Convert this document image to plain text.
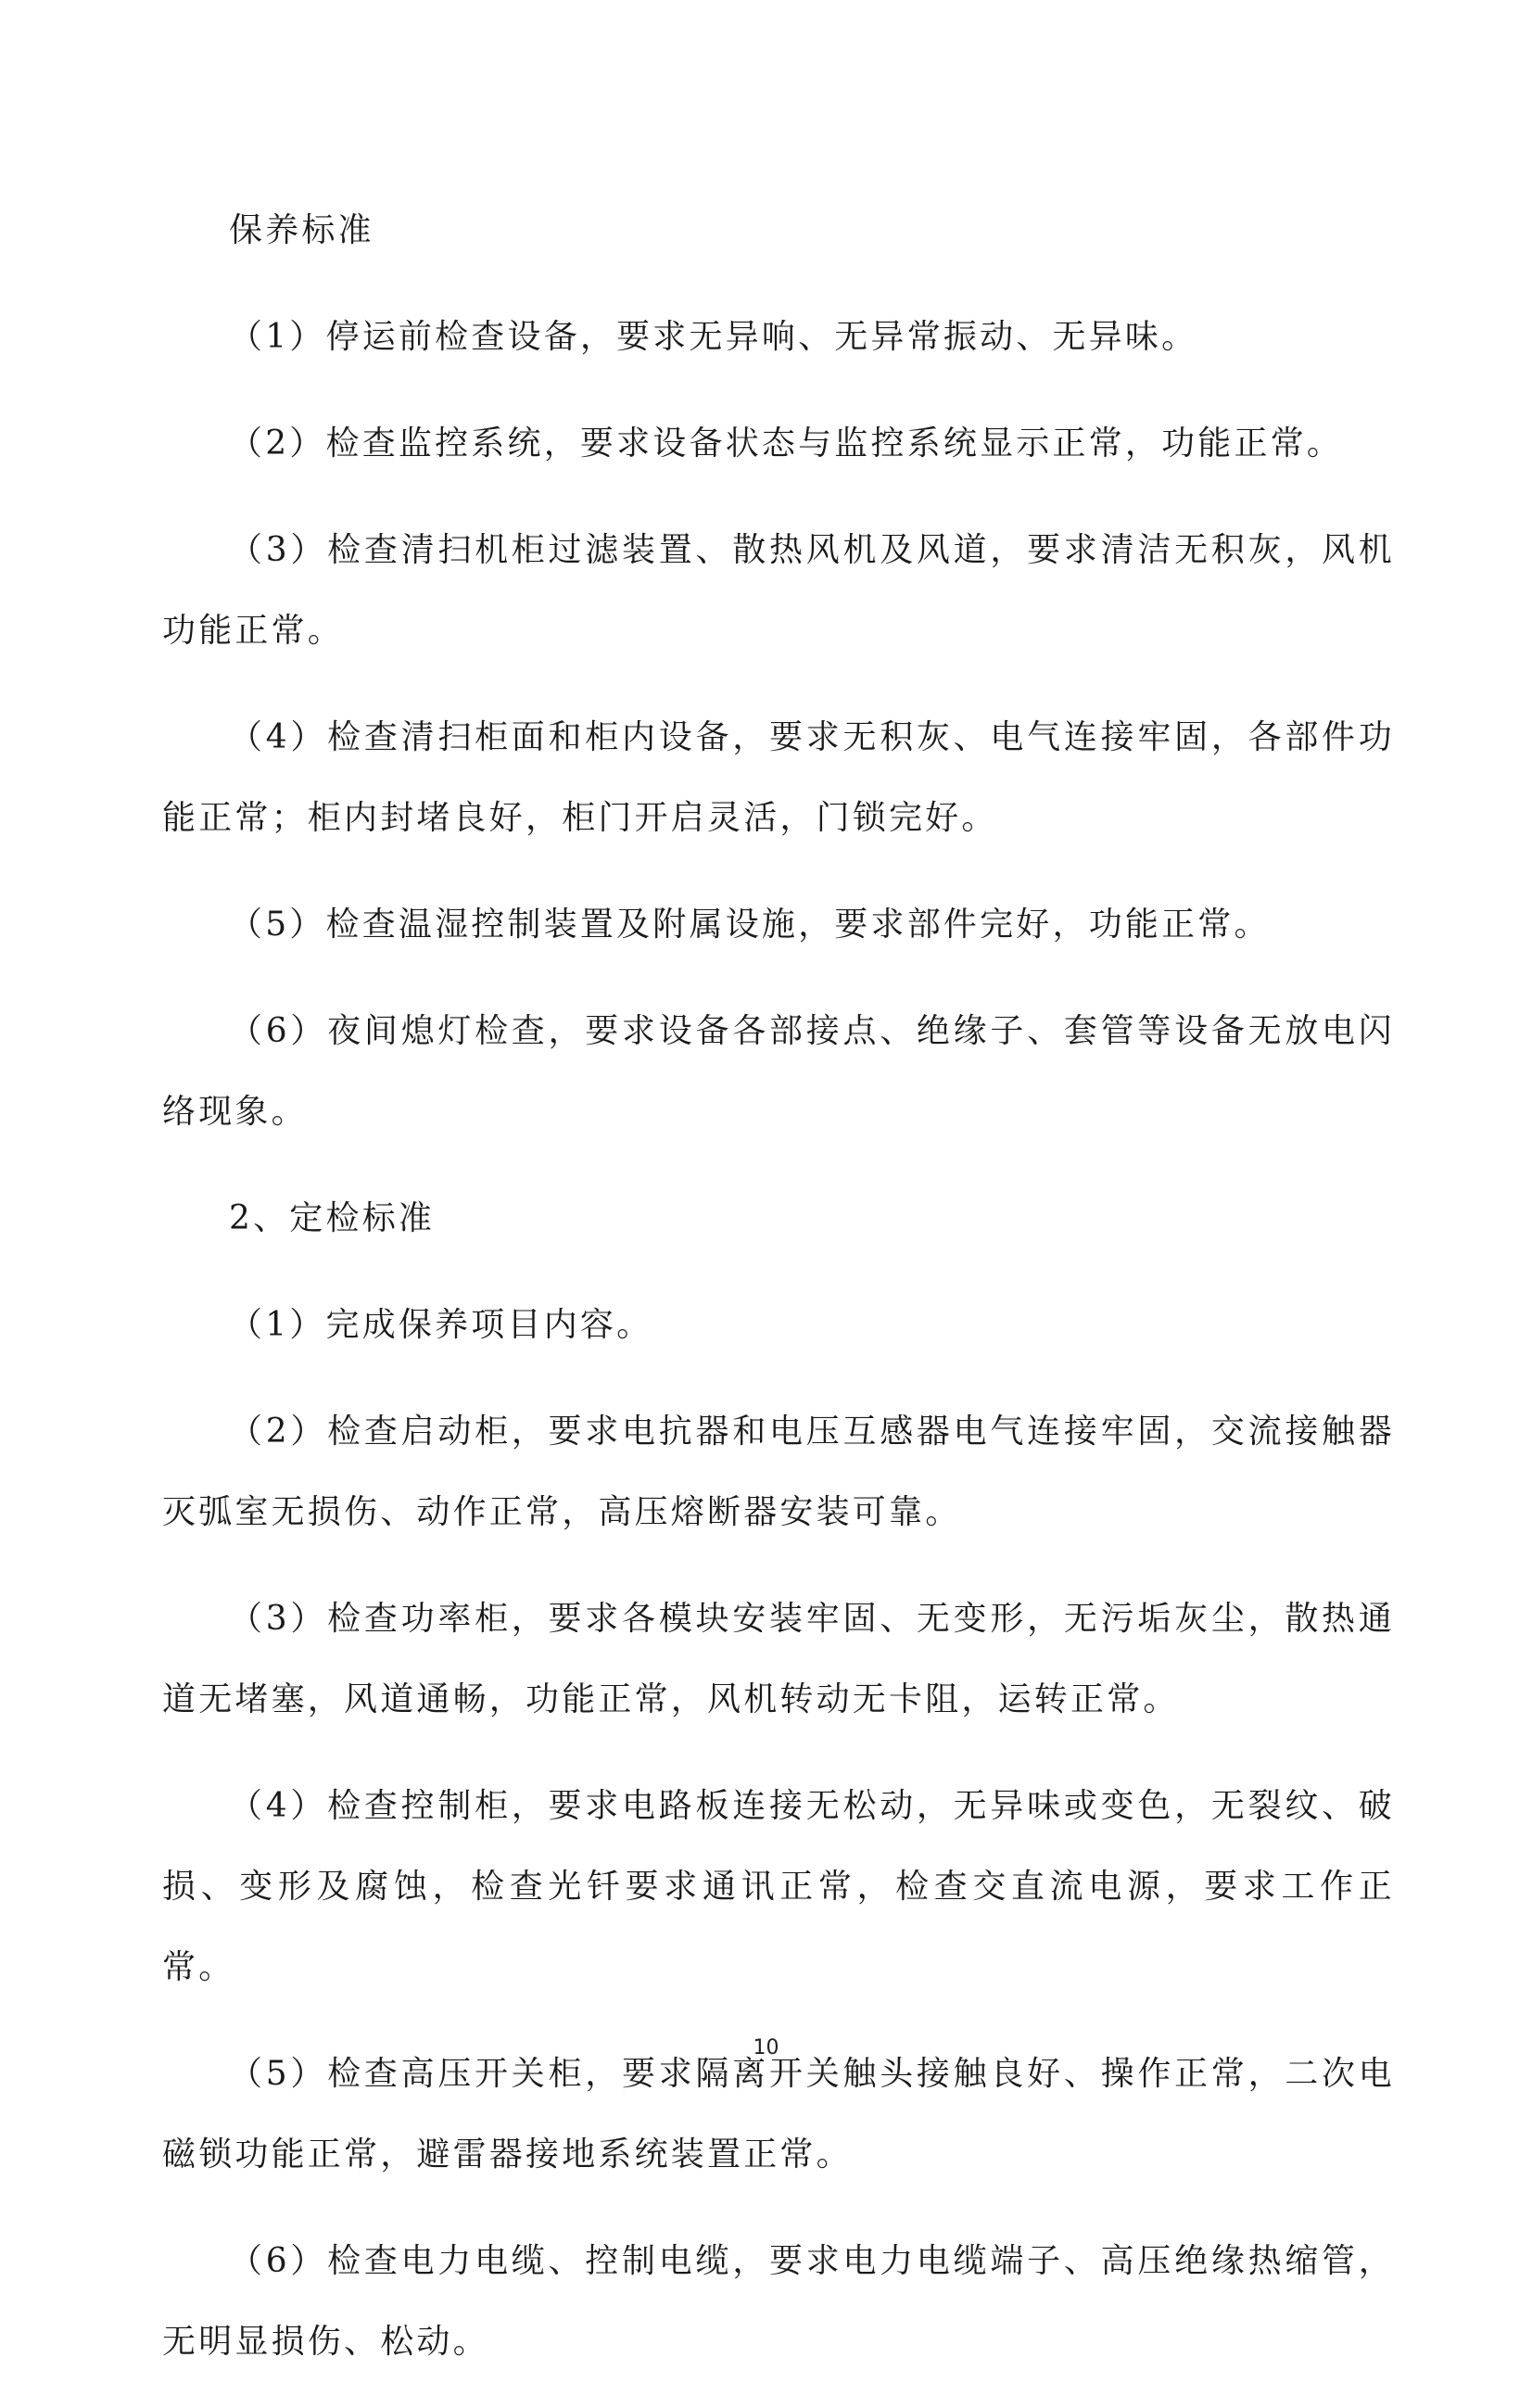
保养标准

（1）停运前检查设备，要求无异响、无异常振动、无异味。

（2）检查监控系统，要求设备状态与监控系统显示正常，功能正常。

（3）检查清扫机柜过滤装置、散热风机及风道，要求清洁无积灰，风机功能正常。

（4）检查清扫柜面和柜内设备，要求无积灰、电气连接牢固，各部件功能正常；柜内封堵良好，柜门开启灵活，门锁完好。

（5）检查温湿控制装置及附属设施，要求部件完好，功能正常。

（6）夜间熄灯检查，要求设备各部接点、绝缘子、套管等设备无放电闪络现象。

2、定检标准

（1）完成保养项目内容。

（2）检查启动柜，要求电抗器和电压互感器电气连接牢固，交流接触器灭弧室无损伤、动作正常，高压熔断器安装可靠。

（3）检查功率柜，要求各模块安装牢固、无变形，无污垢灰尘，散热通道无堵塞，风道通畅，功能正常，风机转动无卡阻，运转正常。

（4）检查控制柜，要求电路板连接无松动，无异味或变色，无裂纹、破损、变形及腐蚀，检查光钎要求通讯正常，检查交直流电源，要求工作正常。

（5）检查高压开关柜，要求隔离开关触头接触良好、操作正常，二次电磁锁功能正常，避雷器接地系统装置正常。

（6）检查电力电缆、控制电缆，要求电力电缆端子、高压绝缘热缩管，无明显损伤、松动。

10
